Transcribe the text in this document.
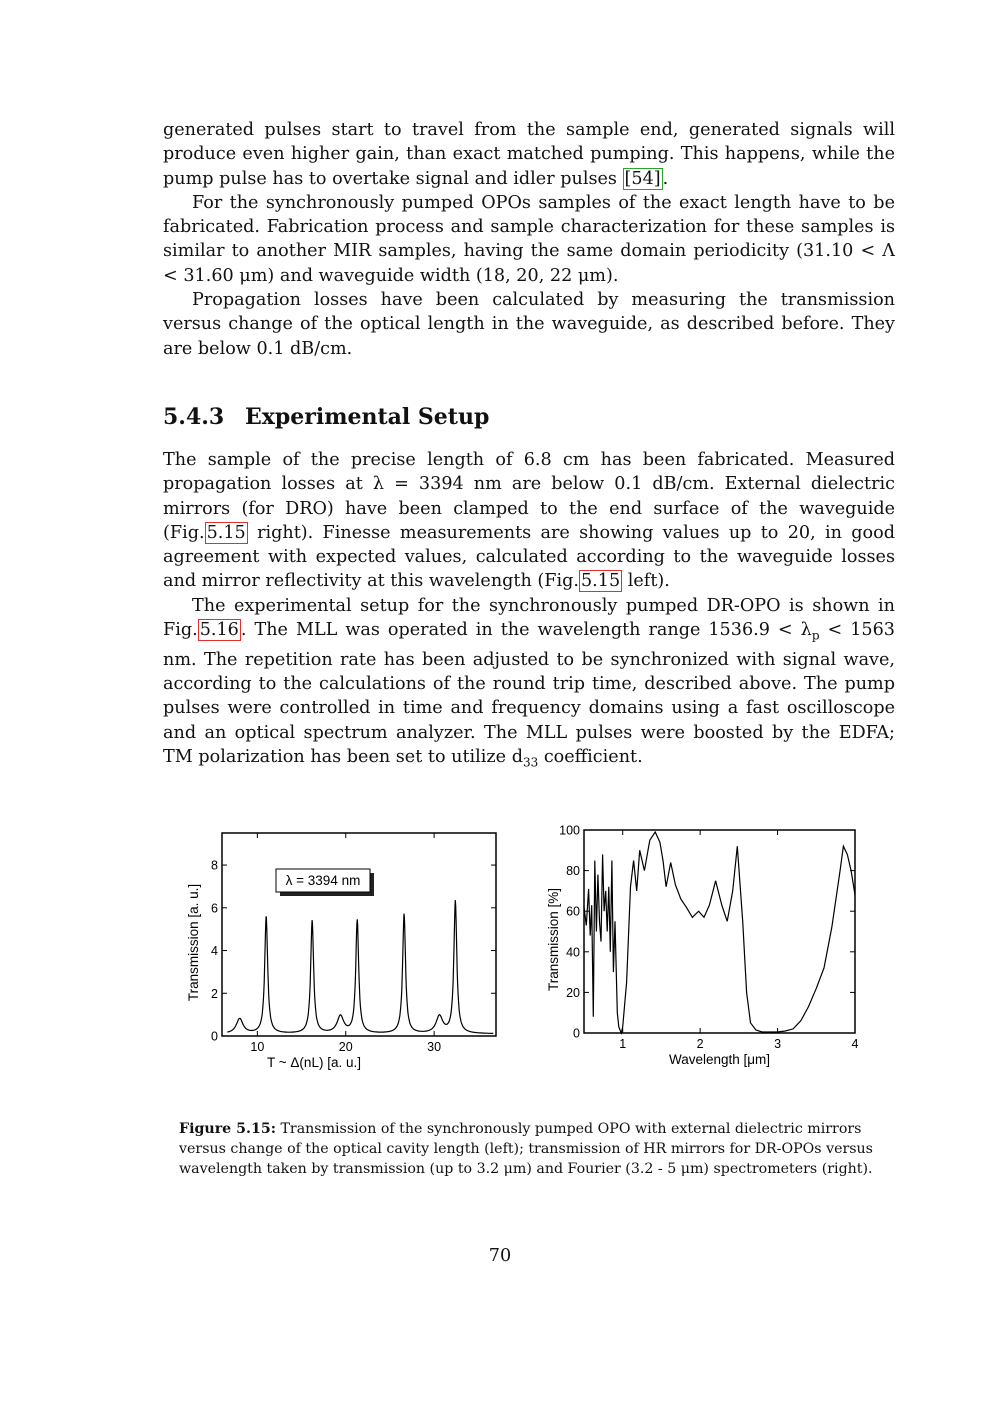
generated pulses start to travel from the sample end, generated signals will produce even higher gain, than exact matched pumping. This happens, while the pump pulse has to overtake signal and idler pulses [54] .

For the synchronously pumped OPOs samples of the exact length have to be fabricated. Fabrication process and sample characterization for these samples is similar to another MIR samples, having the same domain periodicity (31.10 < Λ < 31.60 μm) and waveguide width (18, 20, 22 μm).

Propagation losses have been calculated by measuring the transmission versus change of the optical length in the waveguide, as described before. They are below 0.1 dB/cm.

5.4.3 Experimental Setup

The sample of the precise length of 6.8 cm has been fabricated. Measured propagation losses at λ = 3394 nm are below 0.1 dB/cm. External dielectric mirrors (for DRO) have been clamped to the end surface of the waveguide (Fig. 5.15 right). Finesse measurements are showing values up to 20, in good agreement with expected values, calculated according to the waveguide losses and mirror reflectivity at this wavelength (Fig. 5.15 left).

The experimental setup for the synchronously pumped DR-OPO is shown in Fig. 5.16 . The MLL was operated in the wavelength range $1536.9 < \lambda_p < 1563$ nm. The repetition rate has been adjusted to be synchronized with signal wave, according to the calculations of the round trip time, described above. The pump pulses were controlled in time and frequency domains using a fast oscilloscope and an optical spectrum analyzer. The MLL pulses were boosted by the EDFA; TM polarization has been set to utilize $d_{33}$ coefficient.

10	20	30
0
2
4
6
8
T ~ Δ(nL) [a. u.]
Transmission [a. u.]
λ = 3394 nm
1	2	3	4
0
20
40
60
80
100
Wavelength [μm]
Transmission [%]
Figure 5.15: Transmission of the synchronously pumped OPO with external dielectric mirrors versus change of the optical cavity length (left); transmission of HR mirrors for DR-OPOs versus wavelength taken by transmission (up to 3.2 μm) and Fourier (3.2 - 5 μm) spectrometers (right).
70
